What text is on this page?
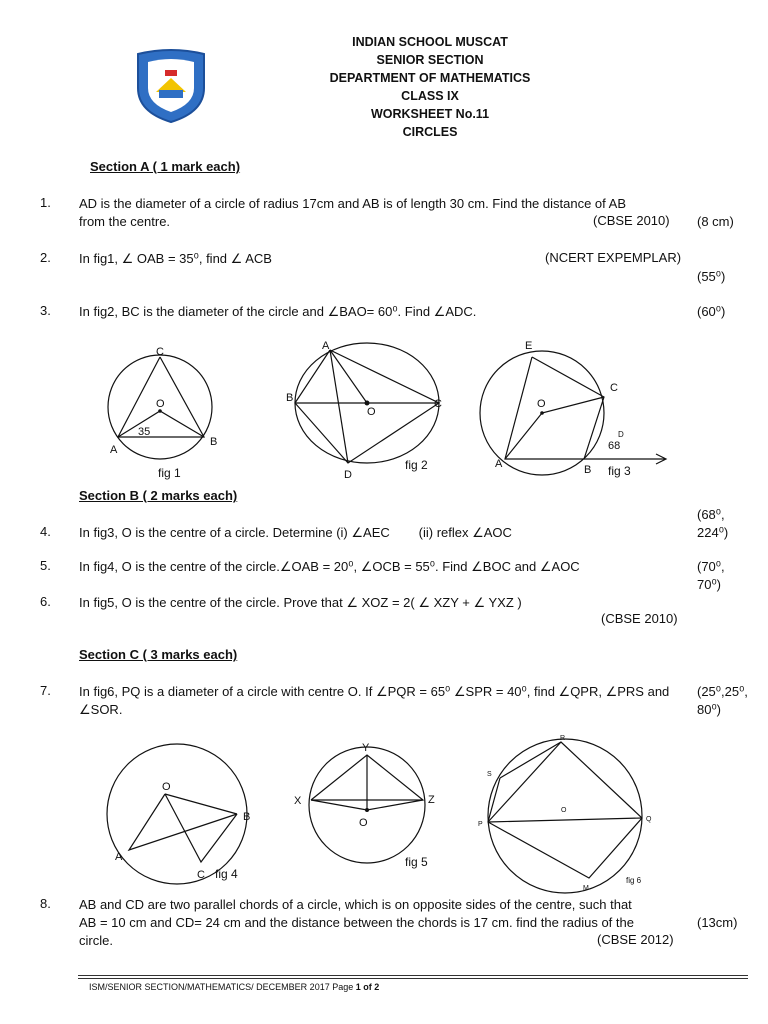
INDIAN SCHOOL MUSCAT
SENIOR SECTION
DEPARTMENT OF MATHEMATICS
CLASS IX
WORKSHEET No.11
CIRCLES
Section A ( 1 mark each)
1. AD is the diameter of a circle of radius 17cm and AB is of length 30 cm. Find the distance of AB
from the centre.	(CBSE 2010) (8 cm)
2. In fig1, ∠ OAB = 35⁰, find ∠ ACB	(NCERT EXPEMPLAR)
(55⁰)
3. In fig2, BC is the diameter of the circle and ∠BAO= 60⁰. Find ∠ADC.	(60⁰)
C
O
A
B
35
fig 1
A
B	C
D
O
fig 2
E
C
O
A	B
D
68
fig 3
Section B ( 2 marks each)
(68⁰,
4. In fig3, O is the centre of a circle. Determine (i) ∠AEC        (ii) reflex ∠AOC	224⁰)
5. In fig4, O is the centre of the circle.∠OAB = 20⁰, ∠OCB = 55⁰. Find ∠BOC and ∠AOC	(70⁰,
70⁰)
6. In fig5, O is the centre of the circle. Prove that ∠ XOZ = 2( ∠ XZY + ∠ YXZ )
(CBSE 2010)
Section C ( 3 marks each)
7. In fig6, PQ is a diameter of a circle with centre O. If ∠PQR = 65⁰ ∠SPR = 40⁰, find ∠QPR, ∠PRS and
∠SOR.
(25⁰,25⁰,
80⁰)
O
A
B
C fig 4
Y
X	Z
O
fig 5
R
S
P
Q
M
O
fig 6
8. AB and CD are two parallel chords of a circle, which is on opposite sides of the centre, such that
AB = 10 cm and CD= 24 cm and the distance between the chords is 17 cm. find the radius of the
circle.	(CBSE 2012)
(13cm)
ISM/SENIOR SECTION/MATHEMATICS/ DECEMBER 2017 Page 1 of 2
